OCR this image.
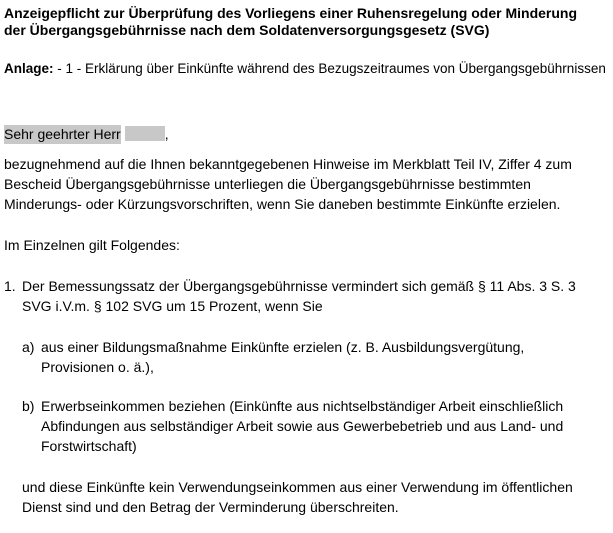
Anzeigepflicht zur Überprüfung des Vorliegens einer Ruhensregelung oder Minderung
der Übergangsgebührnisse nach dem Soldatenversorgungsgesetz (SVG)
Anlage: - 1 - Erklärung über Einkünfte während des Bezugszeitraumes von Übergangsgebührnissen
Sehr geehrter Herr	,
bezugnehmend auf die Ihnen bekanntgegebenen Hinweise im Merkblatt Teil IV, Ziffer 4 zum
Bescheid Übergangsgebührnisse unterliegen die Übergangsgebührnisse bestimmten
Minderungs- oder Kürzungsvorschriften, wenn Sie daneben bestimmte Einkünfte erzielen.
Im Einzelnen gilt Folgendes:
1. Der Bemessungssatz der Übergangsgebührnisse vermindert sich gemäß § 11 Abs. 3 S. 3
SVG i.V.m. § 102 SVG um 15 Prozent, wenn Sie
a) aus einer Bildungsmaßnahme Einkünfte erzielen (z. B. Ausbildungsvergütung,
Provisionen o. ä.),
b) Erwerbseinkommen beziehen (Einkünfte aus nichtselbständiger Arbeit einschließlich
Abfindungen aus selbständiger Arbeit sowie aus Gewerbebetrieb und aus Land- und
Forstwirtschaft)
und diese Einkünfte kein Verwendungseinkommen aus einer Verwendung im öffentlichen
Dienst sind und den Betrag der Verminderung überschreiten.
